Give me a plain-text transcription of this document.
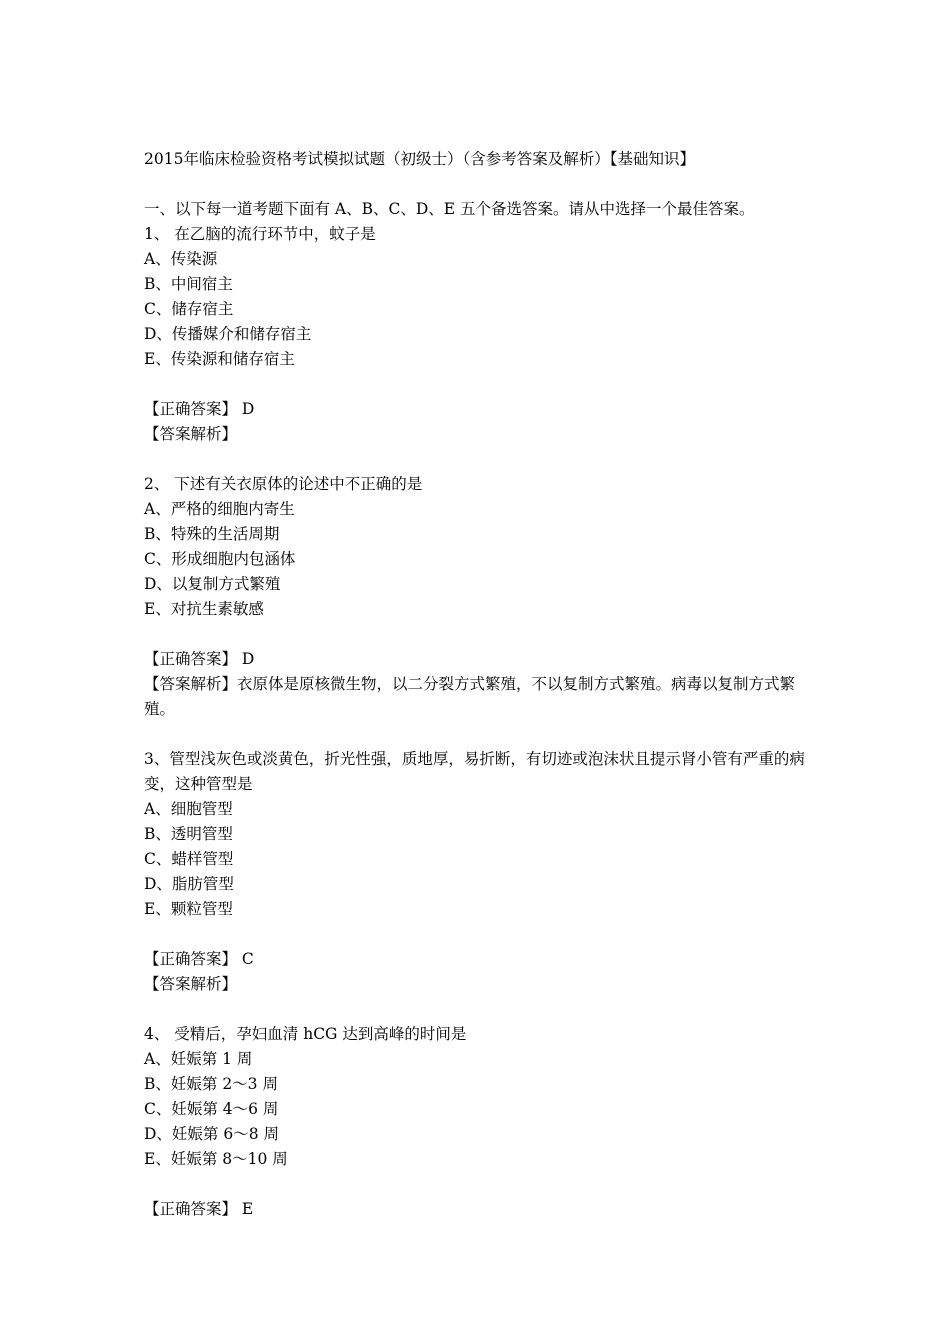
2015年临床检验资格考试模拟试题（初级士）（含参考答案及解析）【基础知识】
一、以下每一道考题下面有 A、B、C、D、E 五个备选答案。请从中选择一个最佳答案。
1、 在乙脑的流行环节中，蚊子是
A、传染源
B、中间宿主
C、储存宿主
D、传播媒介和储存宿主
E、传染源和储存宿主
【正确答案】 D
【答案解析】
2、 下述有关衣原体的论述中不正确的是
A、严格的细胞内寄生
B、特殊的生活周期
C、形成细胞内包涵体
D、以复制方式繁殖
E、对抗生素敏感
【正确答案】 D
【答案解析】衣原体是原核微生物，以二分裂方式繁殖，不以复制方式繁殖。病毒以复制方式繁殖。
3、管型浅灰色或淡黄色，折光性强，质地厚，易折断，有切迹或泡沫状且提示肾小管有严重的病变，这种管型是
A、细胞管型
B、透明管型
C、蜡样管型
D、脂肪管型
E、颗粒管型
【正确答案】 C
【答案解析】
4、 受精后，孕妇血清 hCG 达到高峰的时间是
A、妊娠第 1 周
B、妊娠第 2～3 周
C、妊娠第 4～6 周
D、妊娠第 6～8 周
E、妊娠第 8～10 周
【正确答案】 E
